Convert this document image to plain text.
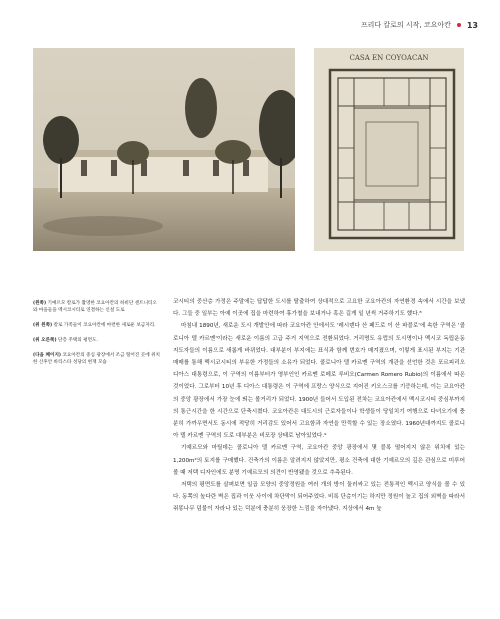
프리다 칼로의 시작, 코요아칸 13
CASA EN COYOACAN

(왼쪽) 기예르모 칼로가 촬영한 코요아칸의 하비단 센트니티오와 마을들을 멕시코시티로 연결하는 신설 도로

(위 왼쪽) 칼로 가족들이 코요아칸에 마련한 새로운 보금자리.

(위 오른쪽) 단층 주택의 평면도.

(다음 페이지) 코요아칸의 중심 광장에서 조금 떨어진 곳에 위치한 산후안 바티스타 성당의 현재 모습

코시티의 중산층 가정은 주말에는 답답한 도시를 탈출하여 상대적으로 고요한 코요아칸의 자연환경 속에서 시간을 보냈다. 그들 중 일부는 아예 이곳에 집을 마련하여 휴가철을 보내거나 혹은 길게 일 년씩 거주하기도 했다.⁸

마침내 1890년, 새로운 도시 개발안에 따라 코요아칸 안에서도 '레시덴다 산 페드로 이 산 파블로'에 속한 구역은 '콜로니아 델 카르멘'이라는 새로운 이름의 고급 주거 지역으로 전환되었다. 거리명도 유럽의 도시명이나 멕시코 독립운동 지도자들의 이름으로 새롭게 바뀌었다. 대부분이 부지에는 표식과 함께 번호가 매겨졌으며, 이렇게 표시된 부지는 기관 매매를 통해 멕시코시티의 부유한 가정들의 소유가 되었다. 콜로니아 델 카르멘 구역의 개관을 선언한 것은 포르피리오 디아스 대통령으로, 이 구역의 이름부터가 영부인인 카르멘 로메로 루비오(Carmen Romero Rubio)의 이름에서 따온 것이었다. 그로부터 10년 후 디아스 대통령은 이 구역에 프랑스 양식으로 지어진 키오스크를 기증하는데, 이는 코요아칸의 중앙 광장에서 가장 눈에 띄는 볼거리가 되었다. 1900년 들어서 도입된 전차는 코요아칸에서 멕시코시티 중심부까지의 통근시간을 한 시간으로 단축시켰다. 코요아칸은 대도시의 근로자들이나 학생들이 당일치기 여행으로 다녀오기에 충분히 가까우면서도 동시에 적당히 거리감도 있어서 고요함과 자연을 만끽할 수 있는 장소였다. 1960년대까지도 콜로니아 델 카르멘 구역의 도로 대부분은 비포장 상태로 남아있었다.⁹

기예르모와 마틸데는 콜로니아 델 카르멘 구역, 코요아칸 중앙 광장에서 몇 블록 떨어지지 않은 위치에 있는 1,200m²의 토지를 구매했다. 건축가의 이름은 알려지지 않았지만, 평소 건축에 대한 기예르모의 깊은 관심으로 미루어볼 때 저택 디자인에도 분명 기예르모의 의견이 반영됐을 것으로 추측된다.

저택의 평면도를 살펴보면 일곱 모양의 중앙정원을 여러 개의 방이 둘러싸고 있는 전통적인 멕시코 양식을 볼 수 있다. 동쪽의 높다란 벽은 집과 이웃 사이에 차단막이 되어주었다. 비록 단층이기는 하지만 정원이 높고 집의 외벽을 따라서 쥐똥나무 덤불이 자라나 있는 덕분에 충분히 웅장한 느낌을 자아냈다. 지상에서 4m 높
